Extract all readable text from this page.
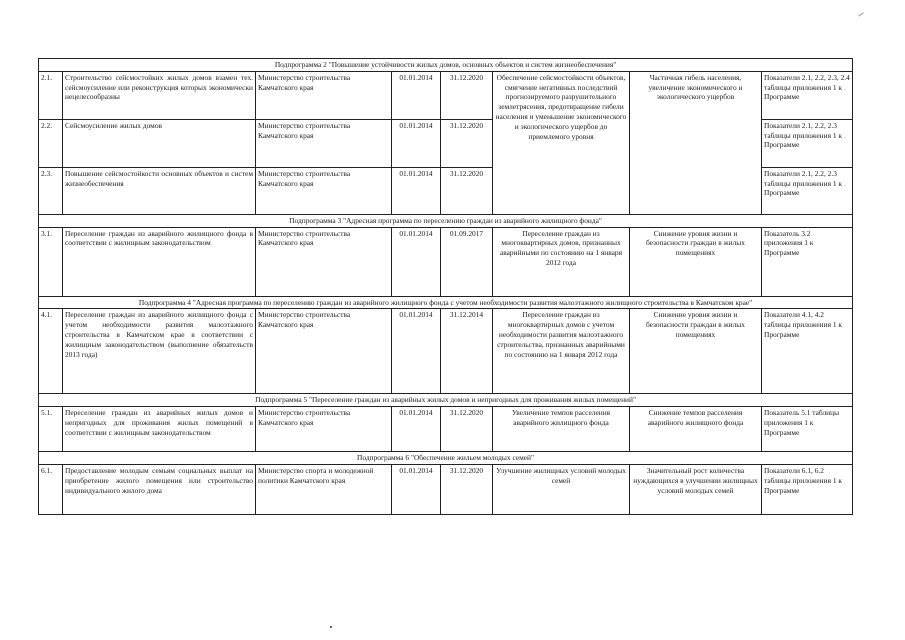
Подпрограмма 2 "Повышение устойчивости жилых домов, основных объектов и систем жизнеобеспечения"							
2.1.	Строительство сейсмостойких жилых домов взамен тех. сейсмоусиление или реконструкция которых экономически нецелесообразны	Министерство строительства Камчатского края	01.01.2014	31.12.2020	Обеспечение сейсмостойкости объектов, смягчение негативных последствий прогнозируемого разрушительного землетрясения, предотвращение гибели населения и уменьшение экономического и экологического ущербов до приемлемого уровня	Частичная гибель населения, увеличение экономического и экологического ущербов	Показатели 2.1, 2.2, 2.3, 2.4 таблицы приложения 1 к Программе
2.2.	Сейсмоусиление жилых домов	Министерство строительства Камчатского края	01.01.2014	31.12.2020			Показатели 2.1, 2.2, 2.3 таблицы приложения 1 к Программе
2.3.	Повышение сейсмостойкости основных объектов и систем жизнеобеспечения	Министерство строительства Камчатского края	01.01.2014	31.12.2020			Показатели 2.1, 2.2, 2.3 таблицы приложения 1 к Программе
Подпрограмма 3 "Адресная программа по переселению граждан из аварийного жилищного фонда"							
3.1.	Переселение граждан из аварийного жилищного фонда в соответствии с жилищным законодательством	Министерство строительства Камчатского края	01.01.2014	01.09.2017	Переселение граждан из многоквартирных домов, признанных аварийными по состоянию на 1 января 2012 года	Снижение уровня жизни и безопасности граждан в жилых помещениях	Показатель 3.2 приложения 1 к Программе
Подпрограмма 4 "Адресная программа по переселению граждан из аварийного жилищного фонда с учетом необходимости развития малоэтажного жилищного строительства в Камчатском крае"							
4.1.	Переселение граждан из аварийного жилищного фонда с учетом необходимости развития малоэтажного строительства в Камчатском крае в соответствии с жилищным законодательством (выполнение обязательств 2013 года)	Министерство строительства Камчатского края	01.01.2014	31.12.2014	Переселение граждан из многоквартирных домов с учетом необходимости развития малоэтажного строительства, признанных аварийными по состоянию на 1 января 2012 года	Снижение уровня жизни и безопасности граждан в жилых помещениях	Показатели 4.1, 4.2 таблицы приложения 1 к Программе
Подпрограмма 5 "Переселение граждан из аварийных жилых домов и непригодных для проживания жилых помещений"							
5.1.	Переселение граждан из аварийных жилых домов и непригодных для проживания жилых помещений в соответствии с жилищным законодательством	Министерство строительства Камчатского края	01.01.2014	31.12.2020	Увеличение темпов расселения аварийного жилищного фонда	Снижение темпов расселения аварийного жилищного фонда	Показатель 5.1 таблицы приложения 1 к Программе
Подпрограмма 6 "Обеспечение жильем молодых семей"							
6.1.	Предоставление молодым семьям социальных выплат на приобретение жилого помещения или строительство индивидуального жилого дома	Министерство спорта и молодежной политики Камчатского края	01.01.2014	31.12.2020	Улучшение жилищных условий молодых семей	Значительный рост количества нуждающихся в улучшении жилищных условий молодых семей	Показатели 6.1, 6.2 таблицы приложения 1 к Программе
